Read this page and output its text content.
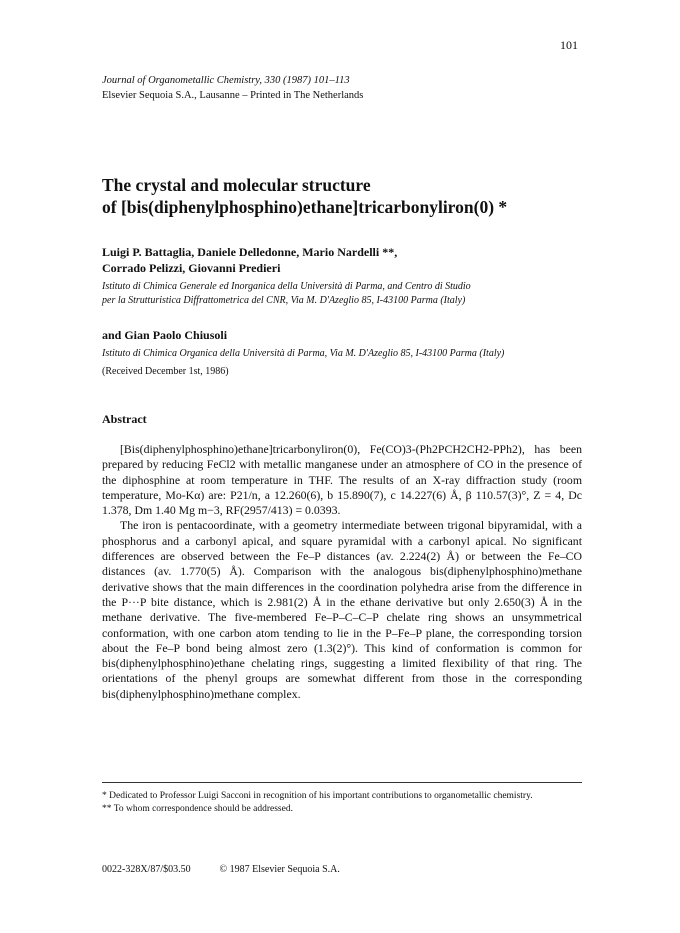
101
Journal of Organometallic Chemistry, 330 (1987) 101–113
Elsevier Sequoia S.A., Lausanne – Printed in The Netherlands
The crystal and molecular structure
of [bis(diphenylphosphino)ethane]tricarbonyliron(0) *
Luigi P. Battaglia, Daniele Delledonne, Mario Nardelli **,
Corrado Pelizzi, Giovanni Predieri
Istituto di Chimica Generale ed Inorganica della Università di Parma, and Centro di Studio
per la Strutturistica Diffrattometrica del CNR, Via M. D'Azeglio 85, I-43100 Parma (Italy)
and Gian Paolo Chiusoli
Istituto di Chimica Organica della Università di Parma, Via M. D'Azeglio 85, I-43100 Parma (Italy)
(Received December 1st, 1986)
Abstract

[Bis(diphenylphosphino)ethane]tricarbonyliron(0), Fe(CO)3-(Ph2PCH2CH2-PPh2), has been prepared by reducing FeCl2 with metallic manganese under an atmosphere of CO in the presence of the diphosphine at room temperature in THF. The results of an X-ray diffraction study (room temperature, Mo-Kα) are: P21/n, a 12.260(6), b 15.890(7), c 14.227(6) Å, β 110.57(3)°, Z = 4, Dc 1.378, Dm 1.40 Mg m−3, RF(2957/413) = 0.0393.

The iron is pentacoordinate, with a geometry intermediate between trigonal bipyramidal, with a phosphorus and a carbonyl apical, and square pyramidal with a carbonyl apical. No significant differences are observed between the Fe–P distances (av. 2.224(2) Å) or between the Fe–CO distances (av. 1.770(5) Å). Comparison with the analogous bis(diphenylphosphino)methane derivative shows that the main differences in the coordination polyhedra arise from the difference in the P···P bite distance, which is 2.981(2) Å in the ethane derivative but only 2.650(3) Å in the methane derivative. The five-membered Fe–P–C–C–P chelate ring shows an unsymmetrical conformation, with one carbon atom tending to lie in the P–Fe–P plane, the corresponding torsion about the Fe–P bond being almost zero (1.3(2)°). This kind of conformation is common for bis(diphenylphosphino)ethane chelating rings, suggesting a limited flexibility of that ring. The orientations of the phenyl groups are somewhat different from those in the corresponding bis(diphenylphosphino)methane complex.

* Dedicated to Professor Luigi Sacconi in recognition of his important contributions to organometallic chemistry.
** To whom correspondence should be addressed.
0022-328X/87/$03.50	© 1987 Elsevier Sequoia S.A.
